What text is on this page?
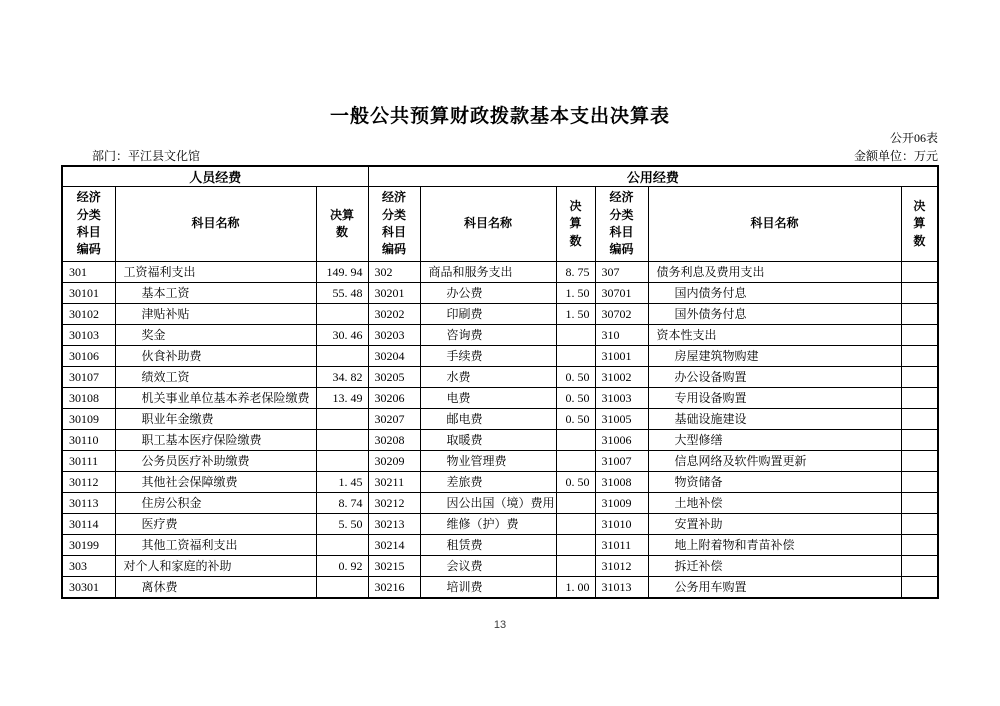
一般公共预算财政拨款基本支出决算表
公开06表
部门：平江县文化馆	金额单位：万元
人员经费			公用经费					
经济分类科目编码	科目名称	决算数	经济分类科目编码	科目名称	决算数	经济分类科目编码	科目名称	决算数
301	工资福利支出	149. 94	302	商品和服务支出	8. 75	307	债务利息及费用支出	
30101	基本工资	55. 48	30201	办公费	1. 50	30701	国内债务付息	
30102	津贴补贴		30202	印刷费	1. 50	30702	国外债务付息	
30103	奖金	30. 46	30203	咨询费		310	资本性支出	
30106	伙食补助费		30204	手续费		31001	房屋建筑物购建	
30107	绩效工资	34. 82	30205	水费	0. 50	31002	办公设备购置	
30108	机关事业单位基本养老保险缴费	13. 49	30206	电费	0. 50	31003	专用设备购置	
30109	职业年金缴费		30207	邮电费	0. 50	31005	基础设施建设	
30110	职工基本医疗保险缴费		30208	取暖费		31006	大型修缮	
30111	公务员医疗补助缴费		30209	物业管理费		31007	信息网络及软件购置更新	
30112	其他社会保障缴费	1. 45	30211	差旅费	0. 50	31008	物资储备	
30113	住房公积金	8. 74	30212	因公出国（境）费用		31009	土地补偿	
30114	医疗费	5. 50	30213	维修（护）费		31010	安置补助	
30199	其他工资福利支出		30214	租赁费		31011	地上附着物和青苗补偿	
303	对个人和家庭的补助	0. 92	30215	会议费		31012	拆迁补偿	
30301	离休费		30216	培训费	1. 00	31013	公务用车购置	
13
